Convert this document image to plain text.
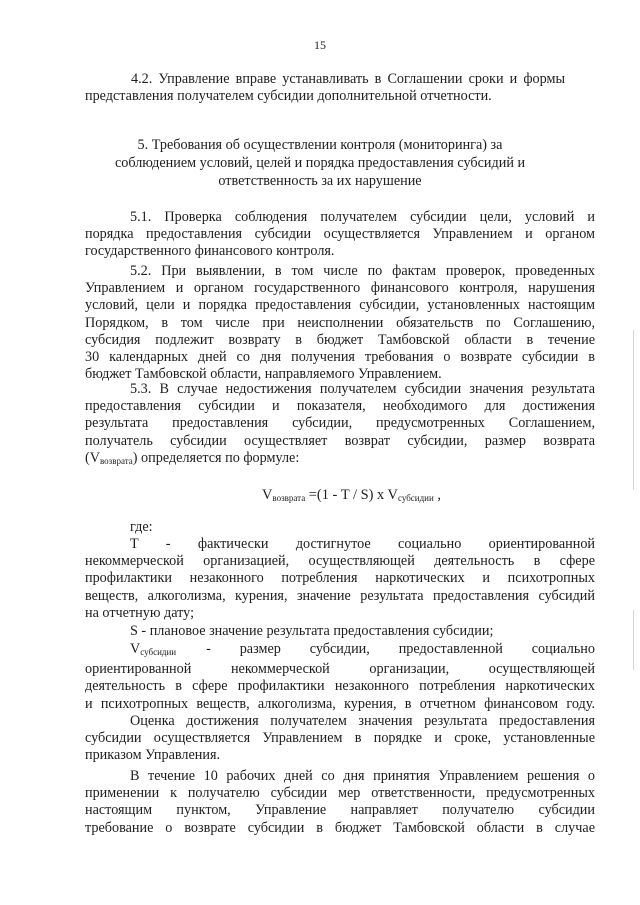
15
4.2. Управление вправе устанавливать в Соглашении сроки и формы
представления получателем субсидии дополнительной отчетности.
5. Требования об осуществлении контроля (мониторинга) за
соблюдением условий, целей и порядка предоставления субсидий и
ответственность за их нарушение
5.1. Проверка соблюдения получателем субсидии цели, условий и
порядка предоставления субсидии осуществляется Управлением и органом
государственного финансового контроля.
5.2. При выявлении, в том числе по фактам проверок, проведенных
Управлением и органом государственного финансового контроля, нарушения
условий, цели и порядка предоставления субсидии, установленных настоящим
Порядком, в том числе при неисполнении обязательств по Соглашению,
субсидия подлежит возврату в бюджет Тамбовской области в течение
30 календарных дней со дня получения требования о возврате субсидии в
бюджет Тамбовской области, направляемого Управлением.
5.3. В случае недостижения получателем субсидии значения результата
предоставления субсидии и показателя, необходимого для достижения
результата предоставления субсидии, предусмотренных Соглашением,
получатель субсидии осуществляет возврат субсидии, размер возврата
$(V_{возврата})$ определяется по формуле:
$V_{возврата} =(1 - T / S)$ x $V_{субсидии}$ ,
где:
T - фактически достигнутое социально ориентированной
некоммерческой организацией, осуществляющей деятельность в сфере
профилактики незаконного потребления наркотических и психотропных
веществ, алкоголизма, курения, значение результата предоставления субсидий
на отчетную дату;
S - плановое значение результата предоставления субсидии;
$V_{субсидии}$ - размер субсидии, предоставленной социально
ориентированной некоммерческой организации, осуществляющей
деятельность в сфере профилактики незаконного потребления наркотических
и психотропных веществ, алкоголизма, курения, в отчетном финансовом году.
Оценка достижения получателем значения результата предоставления
субсидии осуществляется Управлением в порядке и сроке, установленные
приказом Управления.
В течение 10 рабочих дней со дня принятия Управлением решения о
применении к получателю субсидии мер ответственности, предусмотренных
настоящим пунктом, Управление направляет получателю субсидии
требование о возврате субсидии в бюджет Тамбовской области в случае
